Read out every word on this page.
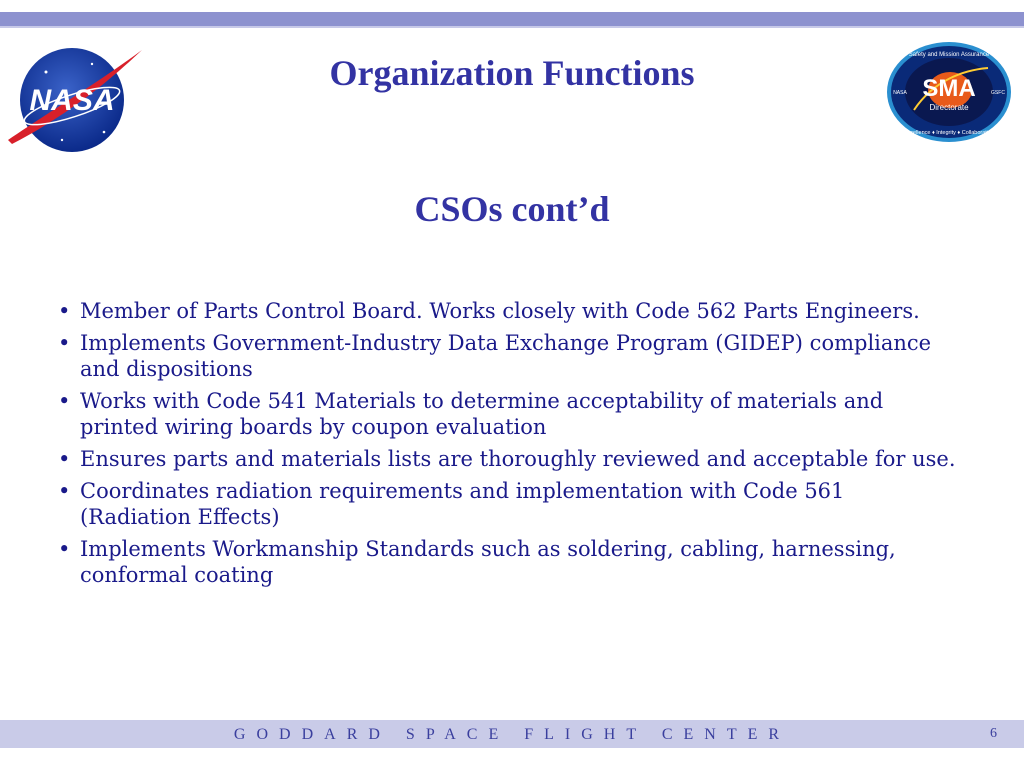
NASA
Organization Functions	SMA
Directorate
Safety and Mission Assurance
Excellence ♦ Integrity ♦ Collaboration
NASA	GSFC
CSOs cont’d
• Member of Parts Control Board. Works closely with Code 562 Parts Engineers.
• Implements Government-Industry Data Exchange Program (GIDEP) compliance and dispositions
• Works with Code 541 Materials to determine acceptability of materials and printed wiring boards by coupon evaluation
• Ensures parts and materials lists are thoroughly reviewed and acceptable for use.
• Coordinates radiation requirements and implementation with Code 561 (Radiation Effects)
• Implements Workmanship Standards such as soldering, cabling, harnessing, conformal coating
GODDARD SPACE FLIGHT CENTER	6
